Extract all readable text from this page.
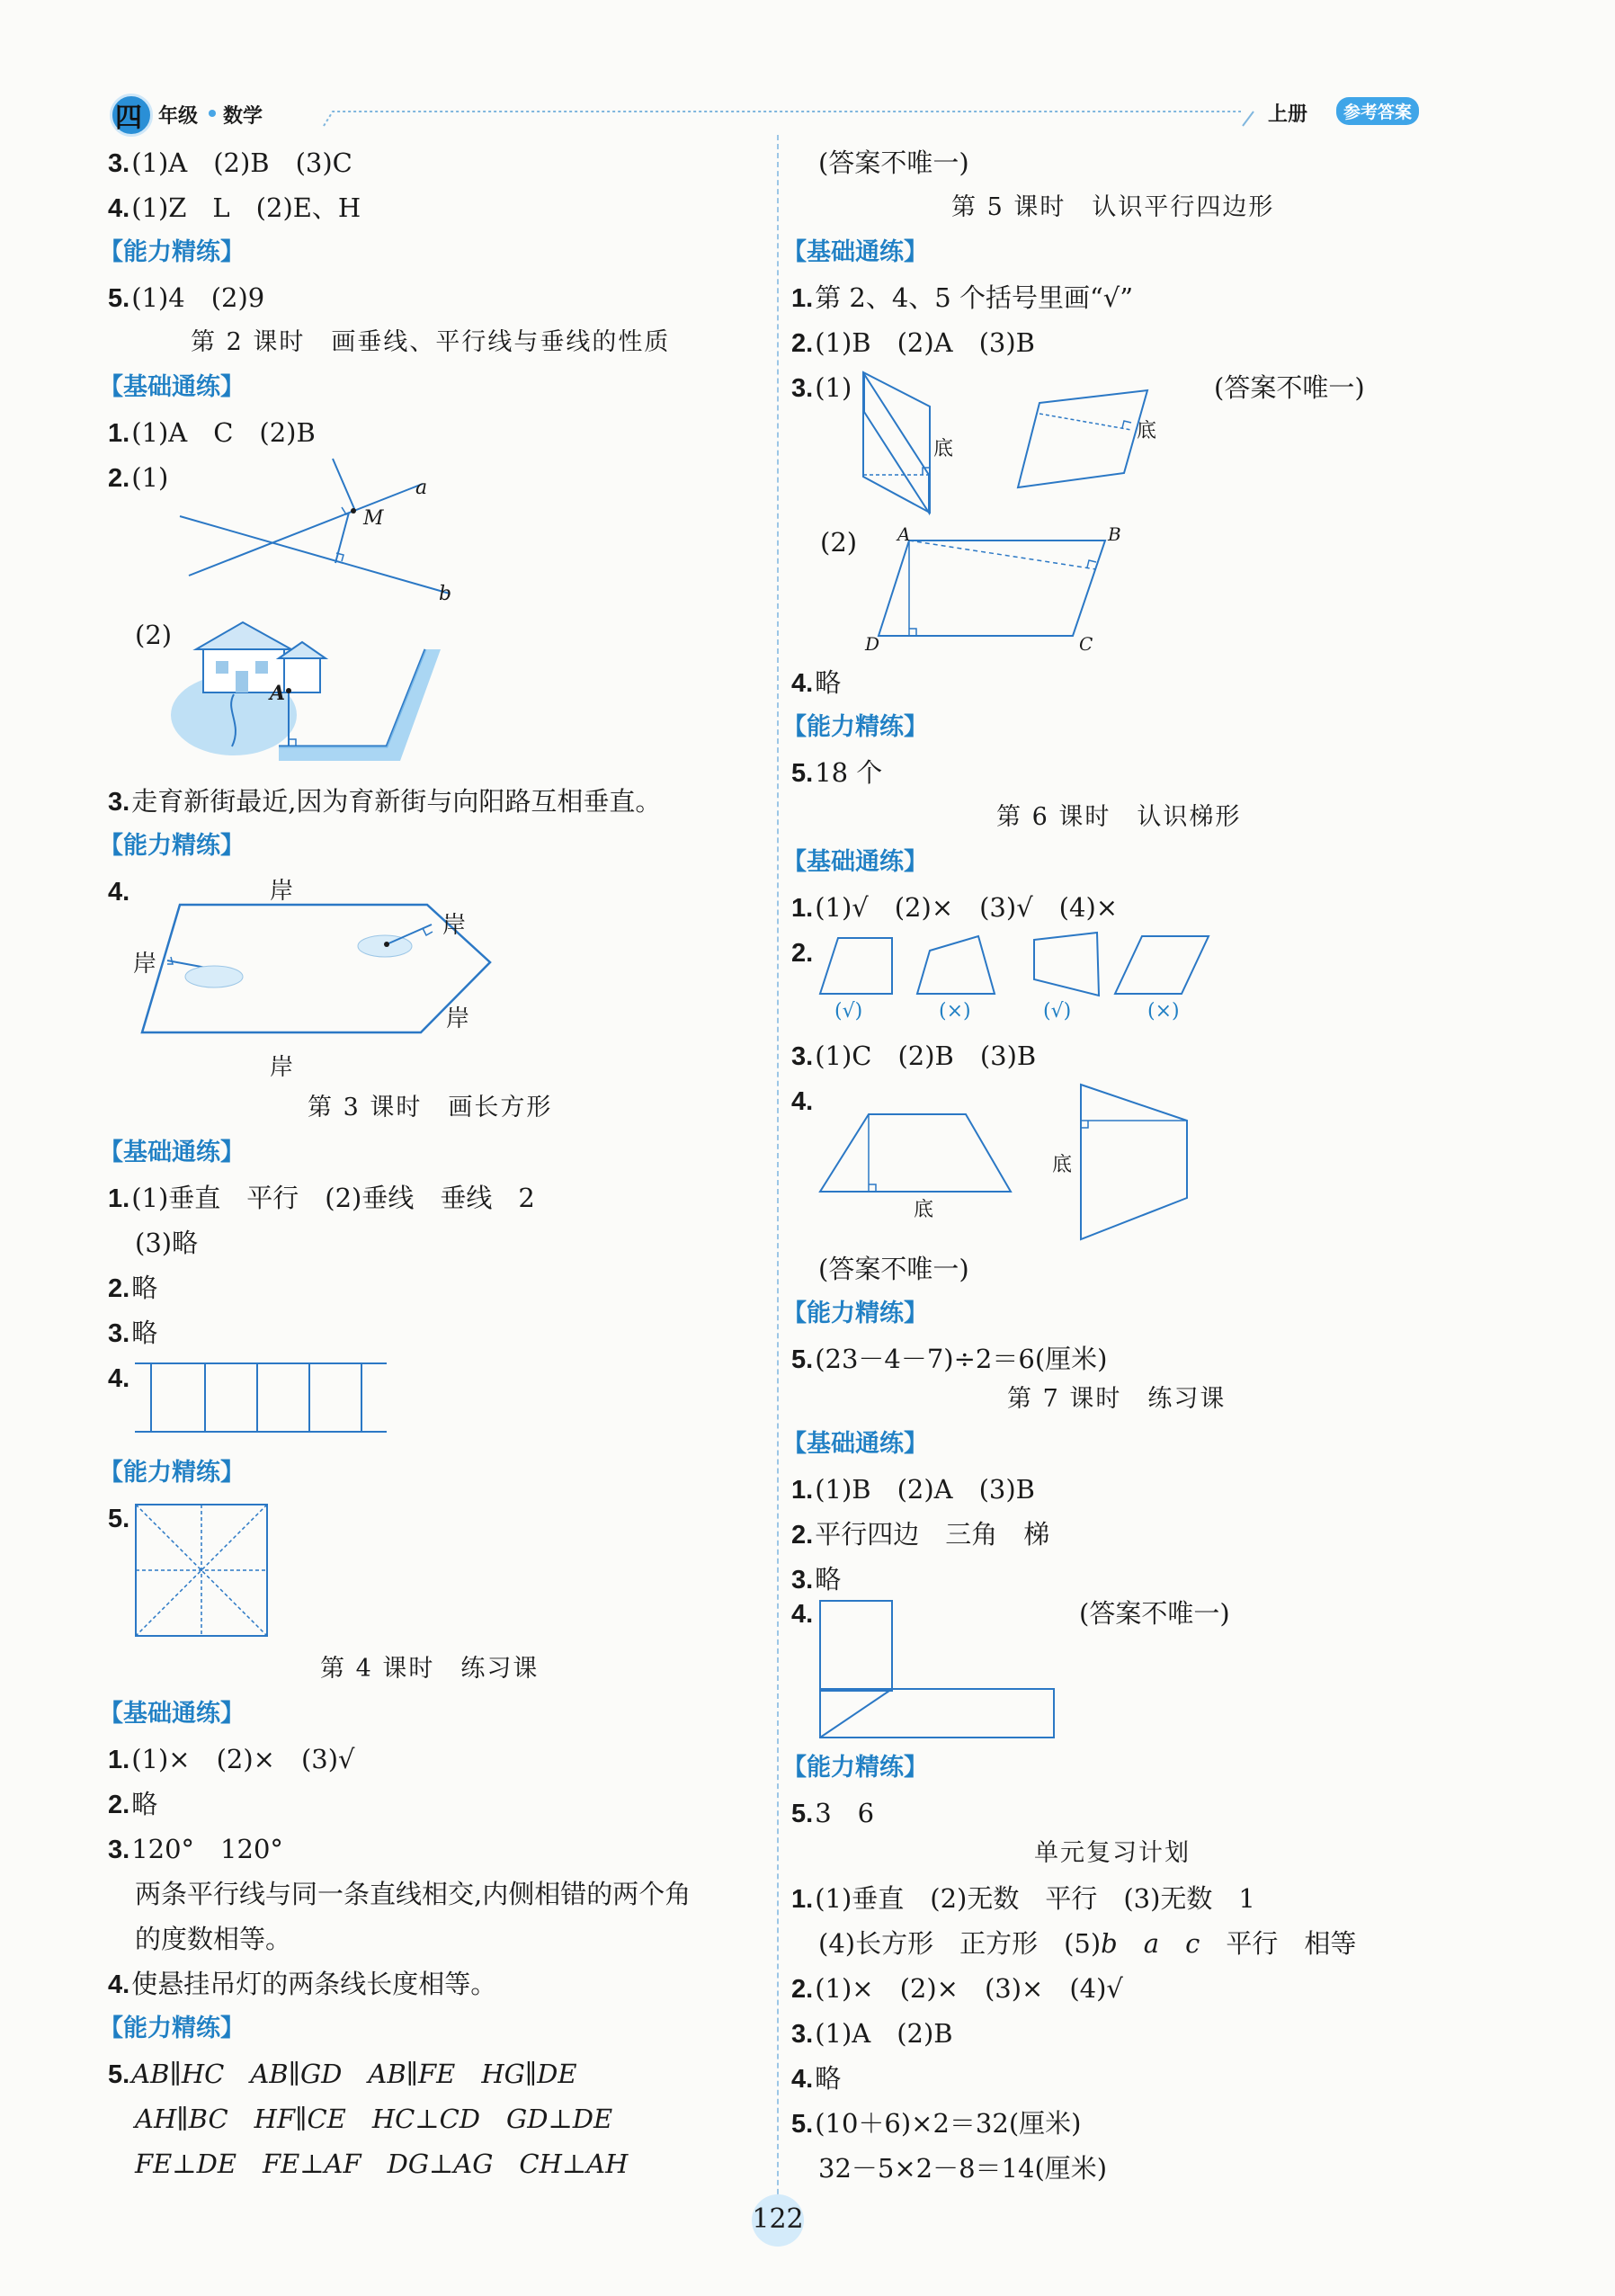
四 年级 数学	上册	参考答案
3.(1)A　(2)B　(3)C
4.(1)Z　L　(2)E、H
【能力精练】
5.(1)4　(2)9
第 2 课时　画垂线、平行线与垂线的性质
【基础通练】
1.(1)A　C　(2)B
2.(1)
M
a
b
(2)
A
3.走育新街最近,因为育新街与向阳路互相垂直。
【能力精练】
4.	岸
岸
岸
岸
岸
第 3 课时　画长方形
【基础通练】
1.(1)垂直　平行　(2)垂线　垂线　2
(3)略
2.略
3.略
4.
【能力精练】
5.
第 4 课时　练习课
【基础通练】
1.(1)×　(2)×　(3)√
2.略
3.120°　120°
两条平行线与同一条直线相交,内侧相错的两个角
的度数相等。
4.使悬挂吊灯的两条线长度相等。
【能力精练】
5.AB∥HC　AB∥GD　AB∥FE　HG∥DE
AH∥BC　HF∥CE　HC⊥CD　GD⊥DE
FE⊥DE　FE⊥AF　DG⊥AG　CH⊥AH
(答案不唯一)
第 5 课时　认识平行四边形
【基础通练】
1.第 2、4、5 个括号里画“√”
2.(1)B　(2)A　(3)B
3.(1)	(答案不唯一)
底
底
(2) A	B
C
D
4.略
【能力精练】
5.18 个
第 6 课时　认识梯形
【基础通练】
1.(1)√　(2)×　(3)√　(4)×
2.
(√)	(×)	(√)	(×)
3.(1)C　(2)B　(3)B
4.
底
底
(答案不唯一)
【能力精练】
5.(23－4－7)÷2＝6(厘米)
第 7 课时　练习课
【基础通练】
1.(1)B　(2)A　(3)B
2.平行四边　三角　梯
3.略
4.	(答案不唯一)
【能力精练】
5.3　6
单元复习计划
1.(1)垂直　(2)无数　平行　(3)无数　1
(4)长方形　正方形　(5)b　 a　 c　 平行　相等
2.(1)×　(2)×　(3)×　(4)√
3.(1)A　(2)B
4.略
5.(10＋6)×2＝32(厘米)
32－5×2－8＝14(厘米)
122
